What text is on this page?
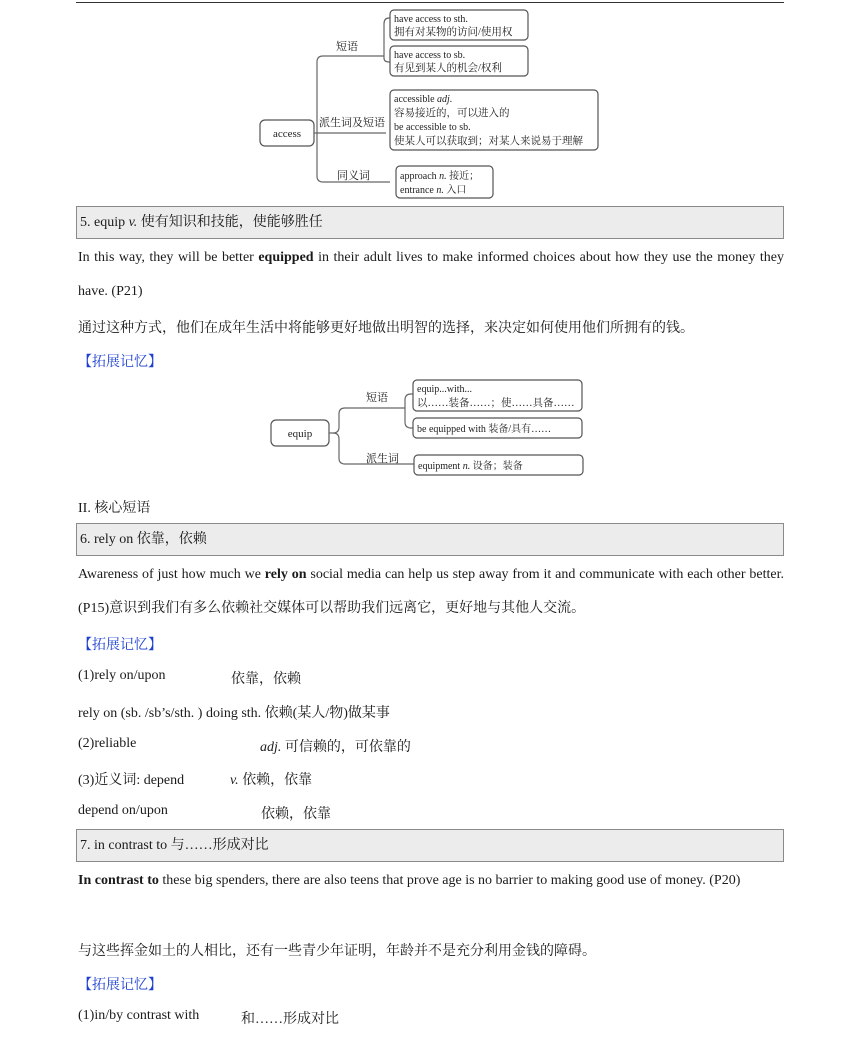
access
短语
派生词及短语
同义词
have access to sth.
拥有对某物的访问/使用权
have access to sb.
有见到某人的机会/权利
accessible adj.
容易接近的，可以进入的
be accessible to sb.
使某人可以获取到；对某人来说易于理解
approach n. 接近；
entrance n. 入口
5. equip v. 使有知识和技能，使能够胜任
In this way, they will be better equipped in their adult lives to make informed choices about how they use the money they have. (P21)
通过这种方式，他们在成年生活中将能够更好地做出明智的选择，来决定如何使用他们所拥有的钱。
【拓展记忆】
equip
短语
派生词
equip...with...
以……装备……；使……具备……
be equipped with 装备/具有……
equipment n. 设备；装备
II. 核心短语
6. rely on 依靠，依赖
Awareness of just how much we rely on social media can help us step away from it and communicate with each other better. (P15)意识到我们有多么依赖社交媒体可以帮助我们远离它，更好地与其他人交流。
【拓展记忆】
(1)rely on/upon	依靠，依赖
rely on (sb. /sb’s/sth. ) doing sth. 依赖(某人/物)做某事
(2)reliable	adj. 可信赖的，可依靠的
(3)近义词: depend	v. 依赖，依靠
depend on/upon	依赖，依靠
7. in contrast to 与……形成对比
In contrast to these big spenders, there are also teens that prove age is no barrier to making good use of money. (P20)
与这些挥金如土的人相比，还有一些青少年证明，年龄并不是充分利用金钱的障碍。
【拓展记忆】
(1)in/by contrast with	和……形成对比
